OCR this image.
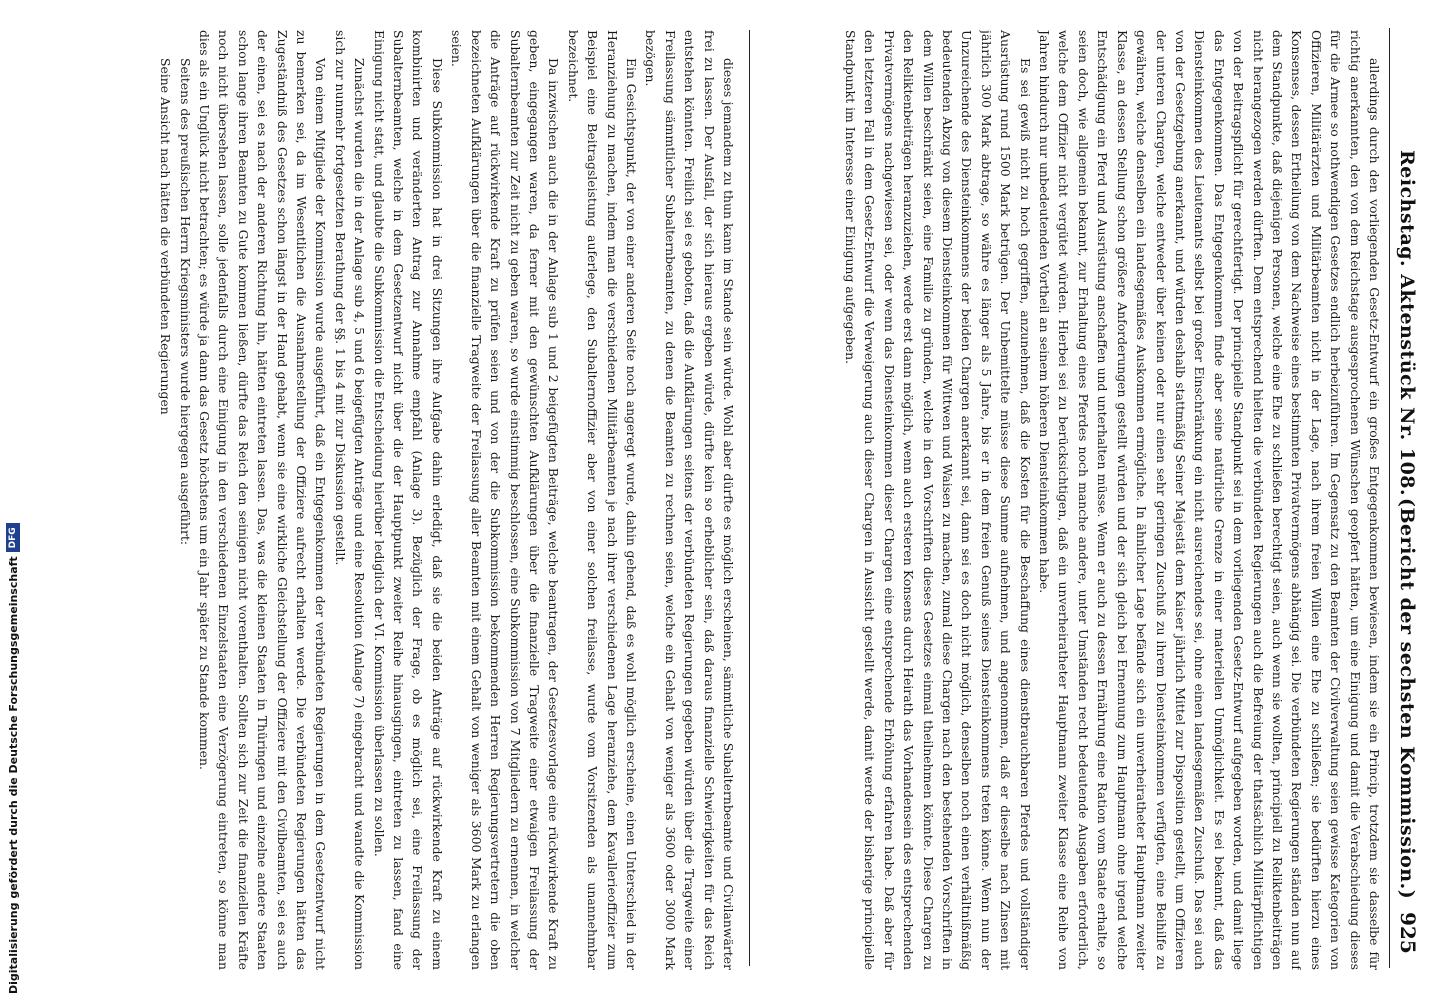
925
Reichstag. Aktenstück Nr. 108.
(Bericht der sechsten Kommission.)

allerdings durch den vorliegenden Gesetz-Entwurf ein großes Entgegenkommen bewiesen, indem sie ein Princip, trotzdem sie dasselbe für richtig anerkannten, den von dem Reichstage ausgesprochenen Wünschen geopfert hätten, um eine Einigung und damit die Verabschiedung dieses für die Armee so nothwendigen Gesetzes endlich herbeizuführen. Im Gegensatz zu den Beamten der Civilverwaltung seien gewisse Kategorien von Offizieren, Militärärzten und Militärbeamten nicht in der Lage, nach ihrem freien Willen eine Ehe zu schließen; sie bedürften hierzu eines Konsenses, dessen Ertheilung von dem Nachweise eines bestimmten Privatvermögens abhängig sei. Die verbündeten Regierungen ständen nun auf dem Standpunkte, daß diejenigen Personen, welche eine Ehe zu schließen berechtigt seien, auch wenn sie wollten, principiell zu Reliktenbeiträgen nicht herangezogen werden dürften. Dem entsprechend hielten die verbündeten Regierungen auch die Befreiung der thatsächlich Militärpflichtigen von der Beitragspflicht für gerechtfertigt. Der principielle Standpunkt sei in dem vorliegenden Gesetz-Entwurf aufgegeben worden, und damit liege das Entgegenkommen. Das Entgegenkommen finde aber seine natürliche Grenze in einer materiellen Unmöglichkeit. Es sei bekannt, daß das Diensteinkommen des Lieutenants selbst bei großer Einschränkung ein nicht ausreichendes sei, ohne einen landesgemäßen Zuschuß. Das sei auch von der Gesetzgebung anerkannt, und würden deshalb stattmäßig Seiner Majestät dem Kaiser jährlich Mittel zur Disposition gestellt, um Offizieren der unteren Chargen, welche entweder über keinen oder nur einen sehr geringen Zuschuß zu ihrem Diensteinkommen verfügten, eine Beihilfe zu gewähren, welche denselben ein landesgemäßes Auskommen ermögliche. In ähnlicher Lage befände sich ein unverheiratheter Hauptmann zweiter Klasse, an dessen Stellung schon größere Anforderungen gestellt würden und der sich gleich bei Ernennung zum Hauptmann ohne irgend welche Entschädigung ein Pferd und Ausrüstung anschaffen und unterhalten müsse. Wenn er auch zu dessen Ernährung eine Ration vom Staate erhalte, so seien doch, wie allgemein bekannt, zur Erhaltung eines Pferdes noch manche andere, unter Umständen recht bedeutende Ausgaben erforderlich, welche dem Offizier nicht vergütet würden. Hierbei sei zu berücksichtigen, daß ein unverheiratheter Hauptmann zweiter Klasse eine Reihe von Jahren hindurch nur unbedeutenden Vortheil an seinem höheren Diensteinkommen habe.

Es sei gewiß nicht zu hoch gegriffen, anzunehmen, daß die Kosten für die Beschaffung eines dienstbrauchbaren Pferdes und vollständiger Ausrüstung rund 1500 Mark betrügen. Der Unbemittelte müsse diese Summe aufnehmen, und angenommen, daß er dieselbe nach Zinsen mit jährlich 300 Mark abtrage, so währe es länger als 5 Jahre, bis er in dem freien Genuß seines Diensteinkommens treten könne. Wenn nun der Unzureichende des Diensteinkommens der beiden Chargen anerkannt sei, dann sei es doch nicht möglich, denselben noch einen verhältnißmäßig bedeutenden Abzug von diesem Diensteinkommen für Wittwen und Waisen zu machen, zumal diese Chargen nach den bestehenden Vorschriften in dem Willen beschränkt seien, eine Familie zu gründen, welche in den Vorschriften dieses Gesetzes einmal theilnehmen könnte. Diese Chargen zu den Reliktenbeiträgen heranzuziehen, werde erst dann möglich, wenn auch ersteren Konsens durch Heirath das Vorhandensein des entsprechenden Privatvermögens nachgewiesen sei, oder wenn das Diensteinkommen dieser Chargen eine entsprechende Erhöhung erfahren habe. Daß aber für den letzteren Fall in dem Gesetz-Entwurf die Verweigerung auch dieser Chargen in Aussicht gestellt werde, damit werde der bisherige principielle Standpunkt im Interesse einer Einigung aufgegeben.

dieses jemandem zu thun kann im Stande sein würde. Wohl aber dürfte es möglich erscheinen, sämmtliche Subalternbeamte und Civilanwärter frei zu lassen. Der Ausfall, der sich hieraus ergeben würde, dürfte kein so erheblicher sein, daß daraus finanzielle Schwierigkeiten für das Reich entstehen könnten. Freilich sei es geboten, daß die Aufklärungen seitens der verbündeten Regierungen gegeben würden über die Tragweite einer Freilassung sämmtlicher Subalternbeamten, zu denen die Beamten zu rechnen seien, welche ein Gehalt von weniger als 3600 oder 3000 Mark bezögen.

Ein Gesichtspunkt, der von einer anderen Seite noch angeregt wurde, dahin gehend, daß es wohl möglich erscheine, einen Unterschied in der Heranziehung zu machen, indem man die verschiedenen Militärbeamten je nach ihrer verschiedenen Lage heranziehe, dem Kavallerieoffizier zum Beispiel eine Beitragsleistung auferlege, den Subalternoffizier aber von einer solchen freilasse, wurde vom Vorsitzenden als unannehmbar bezeichnet.

Da inzwischen auch die in der Anlage sub 1 und 2 beigefügten Beiträge, welche beantragen, der Gesetzesvorlage eine rückwirkende Kraft zu geben, eingegangen waren, da ferner mit den gewünschten Aufklärungen über die finanzielle Tragweite einer etwaigen Freilassung der Subalternbeamten zur Zeit nicht zu geben waren, so wurde einstimmig beschlossen, eine Subkommission von 7 Mitgliedern zu ernennen, in welcher die Anträge auf rückwirkende Kraft zu prüfen seien und von der die Subkommission bekommenden Herren Regierungsvertretern die oben bezeichneten Aufklärungen über die finanzielle Tragweite der Freilassung aller Beamten mit einem Gehalt von weniger als 3600 Mark zu erlangen seien.

Diese Subkommission hat in drei Sitzungen ihre Aufgabe dahin erledigt, daß sie die beiden Anträge auf rückwirkende Kraft zu einem kombinirten und veränderten Antrag zur Annahme empfahl (Anlage 3). Bezüglich der Frage, ob es möglich sei, eine Freilassung der Subalternbeamten, welche in dem Gesetzentwurf nicht über die der Hauptpunkt zweiter Reihe hinausgingen, eintreten zu lassen, fand eine Einigung nicht statt, und glaubte die Subkommission die Entscheidung hierüber lediglich der VI. Kommission überlassen zu sollen.

Zunächst wurden die in der Anlage sub 4, 5 und 6 beigefügten Anträge und eine Resolution (Anlage 7) eingebracht und wandte die Kommission sich zur nunmehr fortgesetzten Berathung der §§. 1 bis 4 mit zur Diskussion gestellt.

Von einem Mitgliede der Kommission wurde ausgeführt, daß ein Entgegenkommen der verbündeten Regierungen in dem Gesetzentwurf nicht zu bemerken sei, da im Wesentlichen die Ausnahmestellung der Offiziere aufrecht erhalten werde. Die verbündeten Regierungen hätten das Zugeständniß des Gesetzes schon längst in der Hand gehabt, wenn sie eine wirkliche Gleichstellung der Offiziere mit den Civilbeamten, sei es auch der einen, sei es nach der anderen Richtung hin, hätten eintreten lassen. Das, was die kleinen Staaten in Thüringen und einzelne andere Staaten schon lange ihren Beamten zu Gute kommen ließen, dürfte das Reich den seinigen nicht vorenthalten. Sollten sich zur Zeit die finanziellen Kräfte noch nicht übersehen lassen, solle jedenfalls durch eine Einigung in den verschiedenen Einzelstaaten eine Verzögerung eintreten, so könne man dies als ein Unglück nicht betrachten; es würde ja dann das Gesetz höchstens um ein Jahr später zu Stande kommen.

Seitens des preußischen Herrn Kriegsministers wurde hiergegen ausgeführt:

Seine Ansicht nach hätten die verbündeten Regierungen

Digitalisierung gefördert durch die Deutsche Forschungsgemeinschaft
DFG
